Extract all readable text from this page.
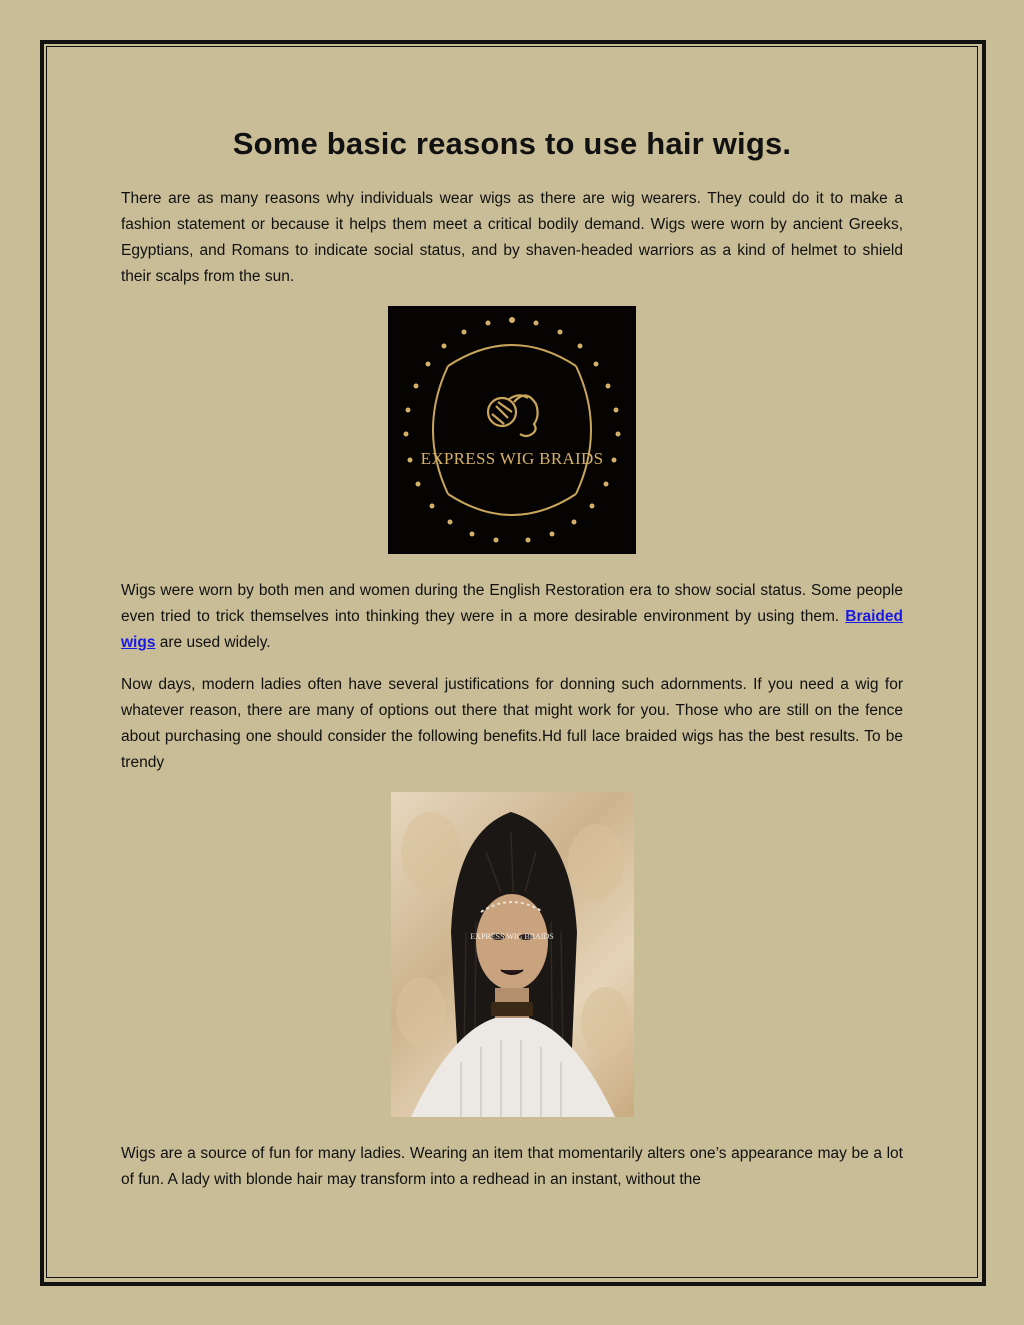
Some basic reasons to use hair wigs.

There are as many reasons why individuals wear wigs as there are wig wearers. They could do it to make a fashion statement or because it helps them meet a critical bodily demand. Wigs were worn by ancient Greeks, Egyptians, and Romans to indicate social status, and by shaven-headed warriors as a kind of helmet to shield their scalps from the sun.

EXPRESS WIG BRAIDS

Wigs were worn by both men and women during the English Restoration era to show social status. Some people even tried to trick themselves into thinking they were in a more desirable environment by using them. Braided wigs are used widely.

Now days, modern ladies often have several justifications for donning such adornments. If you need a wig for whatever reason, there are many of options out there that might work for you. Those who are still on the fence about purchasing one should consider the following benefits.Hd full lace braided wigs has the best results. To be trendy

EXPRESS WIG BRAIDS

Wigs are a source of fun for many ladies. Wearing an item that momentarily alters one’s appearance may be a lot of fun. A lady with blonde hair may transform into a redhead in an instant, without the
